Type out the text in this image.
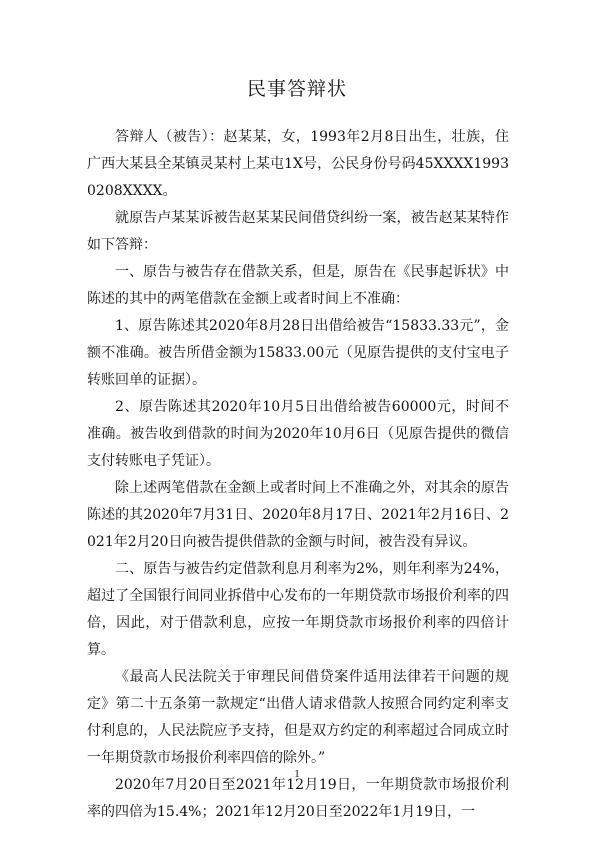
民事答辩状

答辩人（被告）：赵某某，女，1993年2月8日出生，壮族，住广西大某县全某镇灵某村上某屯1X号，公民身份号码45XXXX19930208XXXX。

就原告卢某某诉被告赵某某民间借贷纠纷一案，被告赵某某特作如下答辩：

一、原告与被告存在借款关系，但是，原告在《民事起诉状》中陈述的其中的两笔借款在金额上或者时间上不准确：

1、原告陈述其2020年8月28日出借给被告“15833.33元”，金额不准确。被告所借金额为15833.00元（见原告提供的支付宝电子转账回单的证据）。

2、原告陈述其2020年10月5日出借给被告60000元，时间不准确。被告收到借款的时间为2020年10月6日（见原告提供的微信支付转账电子凭证）。

除上述两笔借款在金额上或者时间上不准确之外，对其余的原告陈述的其2020年7月31日、2020年8月17日、2021年2月16日、2021年2月20日向被告提供借款的金额与时间，被告没有异议。

二、原告与被告约定借款利息月利率为2%，则年利率为24%，超过了全国银行间同业拆借中心发布的一年期贷款市场报价利率的四倍，因此，对于借款利息，应按一年期贷款市场报价利率的四倍计算。

《最高人民法院关于审理民间借贷案件适用法律若干问题的规定》第二十五条第一款规定“出借人请求借款人按照合同约定利率支付利息的，人民法院应予支持，但是双方约定的利率超过合同成立时一年期贷款市场报价利率四倍的除外。”

2020年7月20日至2021年12月19日，一年期贷款市场报价利率的四倍为15.4%；2021年12月20日至2022年1月19日，一

1
